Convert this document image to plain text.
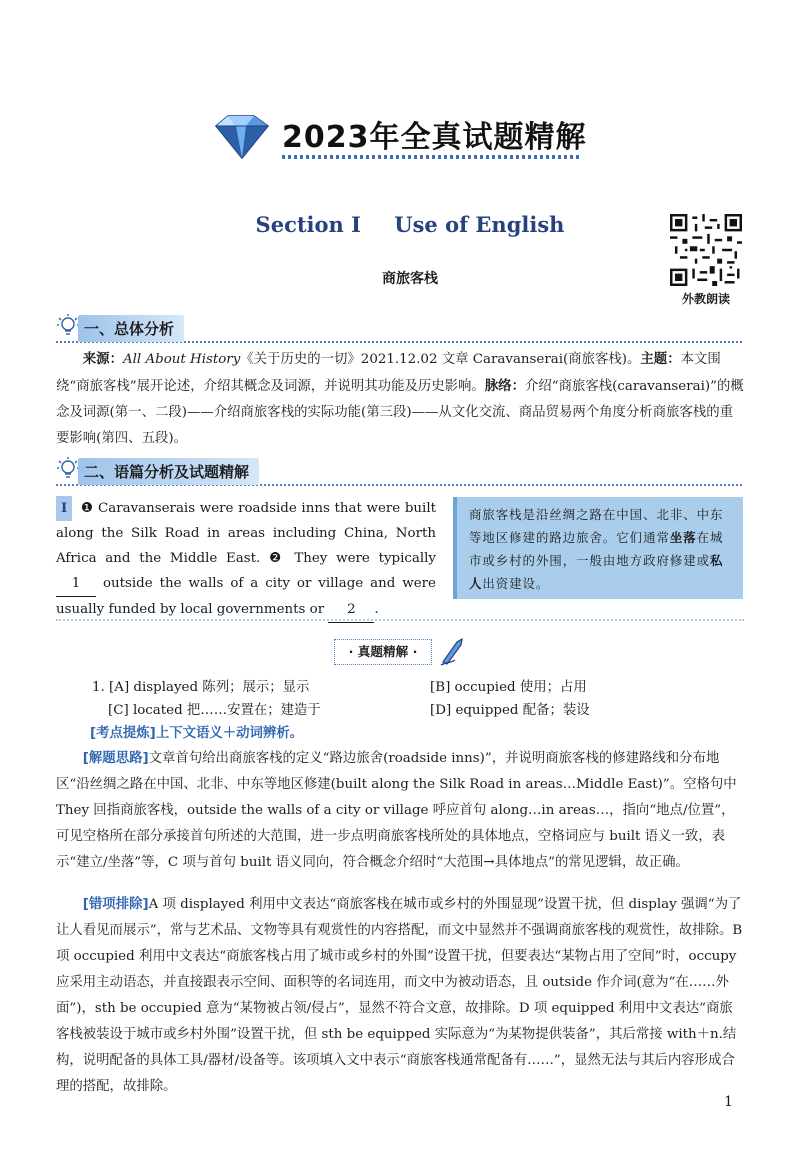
2023年全真试题精解
Section Ⅰ Use of English
商旅客栈
外教朗读
一、总体分析
来源：All About History《关于历史的一切》2021.12.02 文章 Caravanserai(商旅客栈)。主题：本文围绕“商旅客栈”展开论述，介绍其概念及词源，并说明其功能及历史影响。脉络：介绍“商旅客栈(caravanserai)”的概念及词源(第一、二段)——介绍商旅客栈的实际功能(第三段)——从文化交流、商品贸易两个角度分析商旅客栈的重要影响(第四、五段)。
二、语篇分析及试题精解
Ⅰ ❶ Caravanserais were roadside inns that were built along the Silk Road in areas including China, North Africa and the Middle East. ❷ They were typically 1 outside the walls of a city or village and were usually funded by local governments or 2 .
商旅客栈是沿丝绸之路在中国、北非、中东等地区修建的路边旅舍。它们通常坐落在城市或乡村的外围，一般由地方政府修建或私人出资建设。
· 真题精解 ·
1. [A] displayed 陈列；展示；显示	[B] occupied 使用；占用
[C] located 把……安置在；建造于	[D] equipped 配备；装设
[考点提炼]上下文语义＋动词辨析。
[解题思路]文章首句给出商旅客栈的定义“路边旅舍(roadside inns)”，并说明商旅客栈的修建路线和分布地区“沿丝绸之路在中国、北非、中东等地区修建(built along the Silk Road in areas…Middle East)”。空格句中 They 回指商旅客栈，outside the walls of a city or village 呼应首句 along…in areas…，指向“地点/位置”，可见空格所在部分承接首句所述的大范围，进一步点明商旅客栈所处的具体地点，空格词应与 built 语义一致，表示“建立/坐落”等，C 项与首句 built 语义同向，符合概念介绍时“大范围→具体地点”的常见逻辑，故正确。
[错项排除]A 项 displayed 利用中文表达“商旅客栈在城市或乡村的外围显现”设置干扰，但 display 强调“为了让人看见而展示”，常与艺术品、文物等具有观赏性的内容搭配，而文中显然并不强调商旅客栈的观赏性，故排除。B 项 occupied 利用中文表达“商旅客栈占用了城市或乡村的外围”设置干扰，但要表达“某物占用了空间”时，occupy 应采用主动语态，并直接跟表示空间、面积等的名词连用，而文中为被动语态，且 outside 作介词(意为“在……外面”)，sth be occupied 意为“某物被占领/侵占”，显然不符合文意，故排除。D 项 equipped 利用中文表达“商旅客栈被装设于城市或乡村外围”设置干扰，但 sth be equipped 实际意为“为某物提供装备”，其后常接 with＋n.结构，说明配备的具体工具/器材/设备等。该项填入文中表示“商旅客栈通常配备有……”，显然无法与其后内容形成合理的搭配，故排除。
1
